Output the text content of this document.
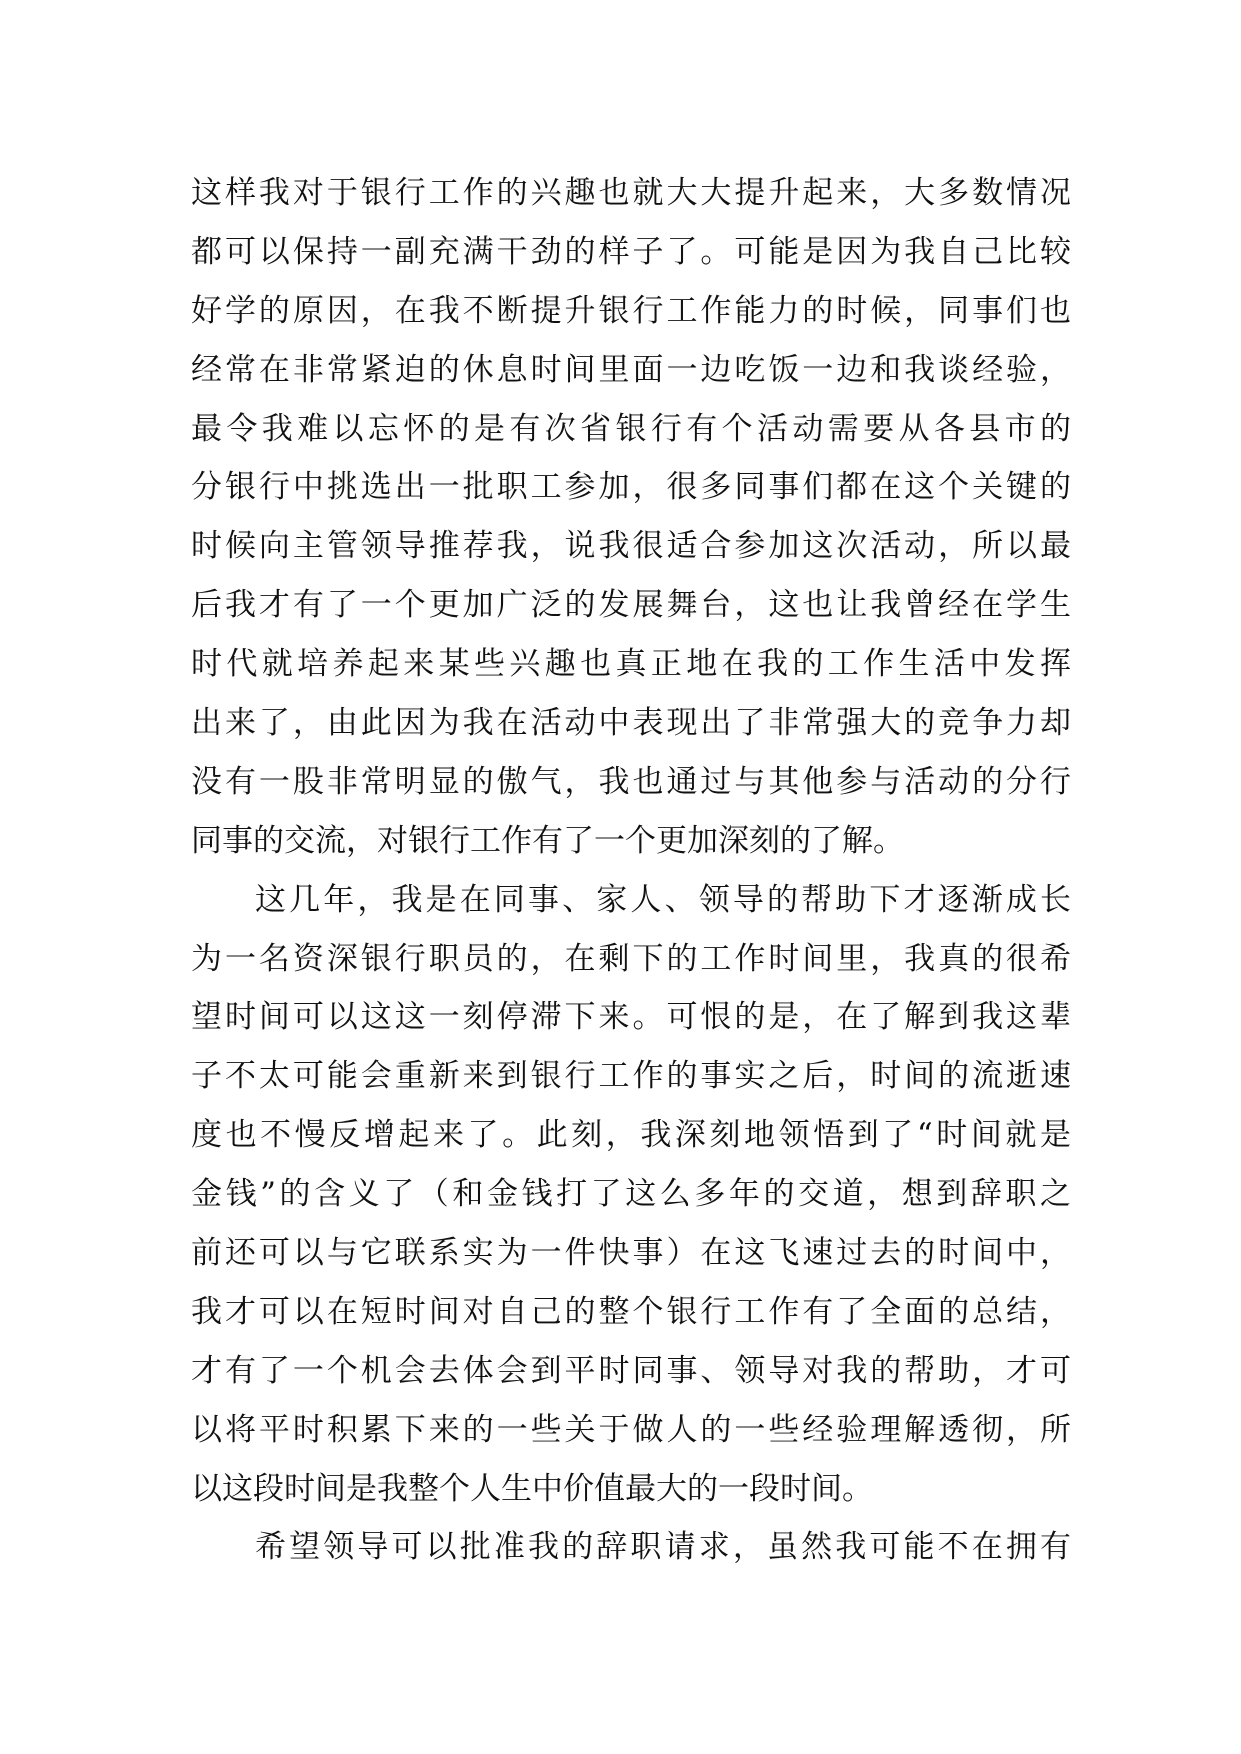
这样我对于银行工作的兴趣也就大大提升起来，大多数情况
都可以保持一副充满干劲的样子了。可能是因为我自己比较
好学的原因，在我不断提升银行工作能力的时候，同事们也
经常在非常紧迫的休息时间里面一边吃饭一边和我谈经验，
最令我难以忘怀的是有次省银行有个活动需要从各县市的
分银行中挑选出一批职工参加，很多同事们都在这个关键的
时候向主管领导推荐我，说我很适合参加这次活动，所以最
后我才有了一个更加广泛的发展舞台，这也让我曾经在学生
时代就培养起来某些兴趣也真正地在我的工作生活中发挥
出来了，由此因为我在活动中表现出了非常强大的竞争力却
没有一股非常明显的傲气，我也通过与其他参与活动的分行
同事的交流，对银行工作有了一个更加深刻的了解。
这几年，我是在同事、家人、领导的帮助下才逐渐成长
为一名资深银行职员的，在剩下的工作时间里，我真的很希
望时间可以这这一刻停滞下来。可恨的是，在了解到我这辈
子不太可能会重新来到银行工作的事实之后，时间的流逝速
度也不慢反增起来了。此刻，我深刻地领悟到了“时间就是
金钱”的含义了（和金钱打了这么多年的交道，想到辞职之
前还可以与它联系实为一件快事）在这飞速过去的时间中，
我才可以在短时间对自己的整个银行工作有了全面的总结，
才有了一个机会去体会到平时同事、领导对我的帮助，才可
以将平时积累下来的一些关于做人的一些经验理解透彻，所
以这段时间是我整个人生中价值最大的一段时间。
希望领导可以批准我的辞职请求，虽然我可能不在拥有
